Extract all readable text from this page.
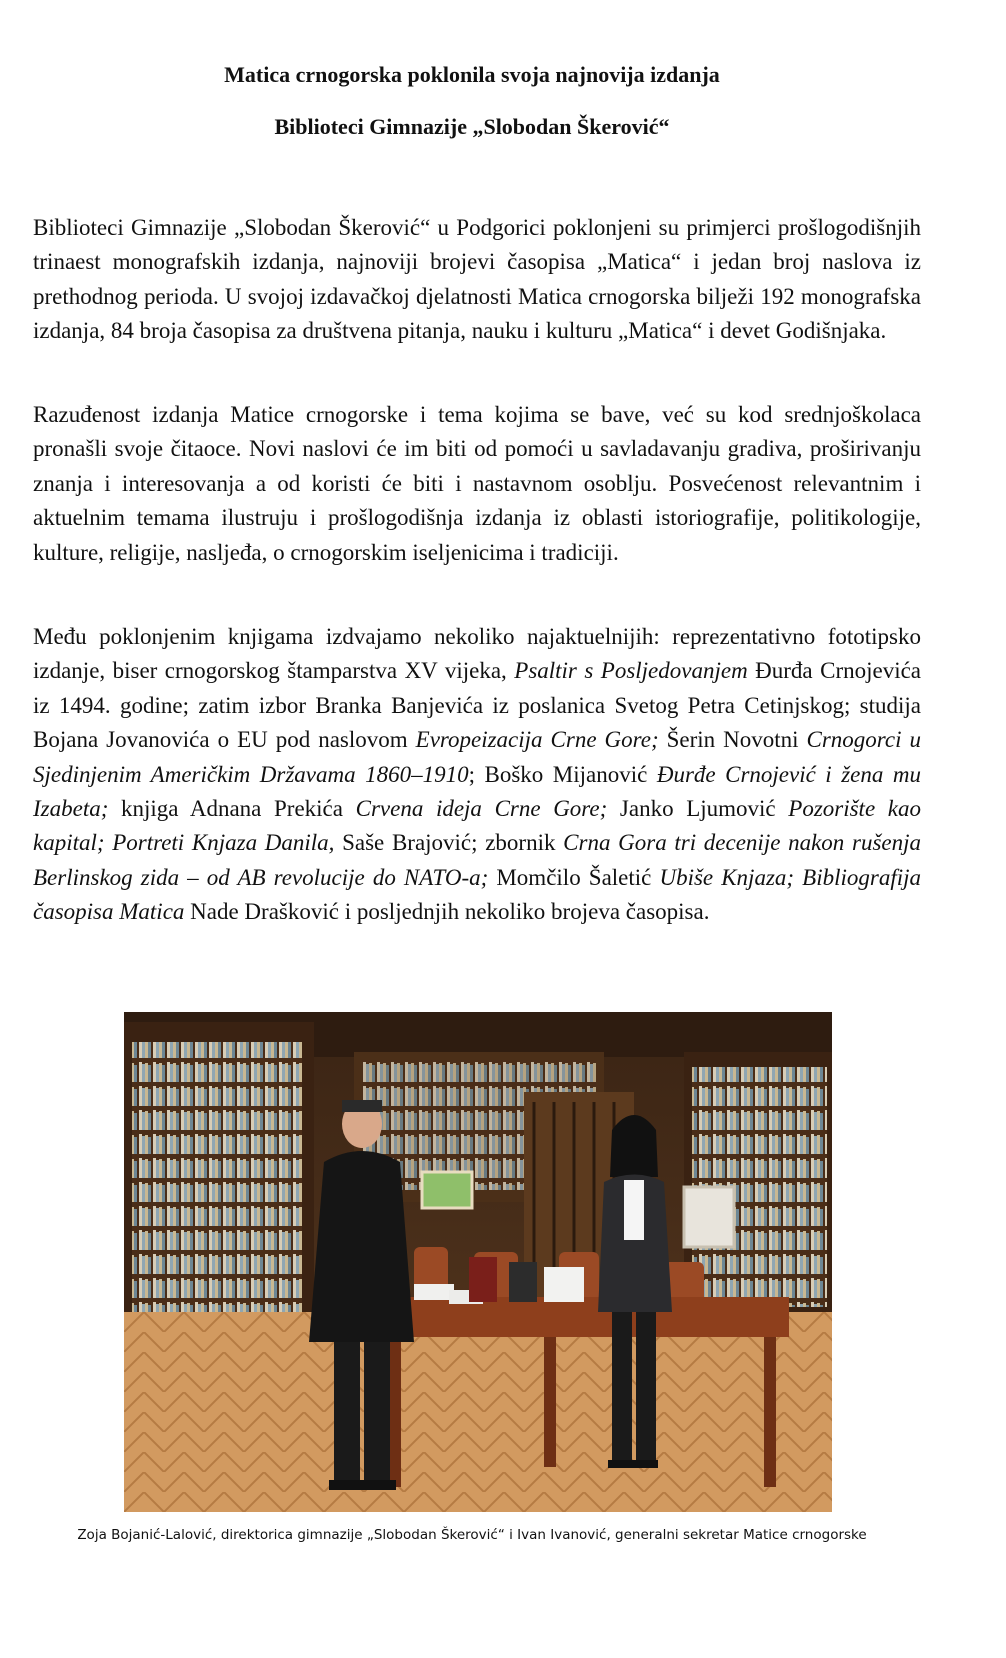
Matica crnogorska poklonila svoja najnovija izdanja
Biblioteci Gimnazije „Slobodan Škerović“

Biblioteci Gimnazije „Slobodan Škerović“ u Podgorici poklonjeni su primjerci prošlogodišnjih trinaest monografskih izdanja, najnoviji brojevi časopisa „Matica“ i jedan broj naslova iz prethodnog perioda. U svojoj izdavačkoj djelatnosti Matica crnogorska bilježi 192 monografska izdanja, 84 broja časopisa za društvena pitanja, nauku i kulturu „Matica“ i devet Godišnjaka.

Razuđenost izdanja Matice crnogorske i tema kojima se bave, već su kod srednjoškolaca pronašli svoje čitaoce. Novi naslovi će im biti od pomoći u savladavanju gradiva, proširivanju znanja i interesovanja a od koristi će biti i nastavnom osoblju. Posvećenost relevantnim i aktuelnim temama ilustruju i prošlogodišnja izdanja iz oblasti istoriografije, politikologije, kulture, religije, nasljeđa, o crnogorskim iseljenicima i tradiciji.

Među poklonjenim knjigama izdvajamo nekoliko najaktuelnijih: reprezentativno fototipsko izdanje, biser crnogorskog štamparstva XV vijeka, Psaltir s Posljedovanjem Đurđa Crnojevića iz 1494. godine; zatim izbor Branka Banjevića iz poslanica Svetog Petra Cetinjskog; studija Bojana Jovanovića o EU pod naslovom Evropeizacija Crne Gore; Šerin Novotni Crnogorci u Sjedinjenim Američkim Državama 1860–1910; Boško Mijanović Đurđe Crnojević i žena mu Izabeta; knjiga Adnana Prekića Crvena ideja Crne Gore; Janko Ljumović Pozorište kao kapital; Portreti Knjaza Danila, Saše Brajović; zbornik Crna Gora tri decenije nakon rušenja Berlinskog zida – od AB revolucije do NATO-a; Momčilo Šaletić Ubiše Knjaza; Bibliografija časopisa Matica Nade Drašković i posljednjih nekoliko brojeva časopisa.

Zoja Bojanić-Lalović, direktorica gimnazije „Slobodan Škerović“ i Ivan Ivanović, generalni sekretar Matice crnogorske
